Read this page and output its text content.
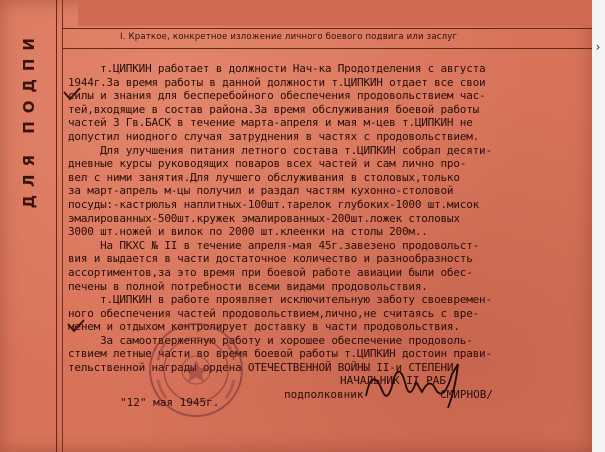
ДЛЯ ПОДПИ	I. Краткое, конкретное изложение личного боевого подвига или заслуг
т.ЦИПКИН работает в должности Нач-ка Продотделения с августа
1944г.За время работы в данной должности т.ЦИПКИН отдает все свои
силы и знания для бесперебойного обеспечения продовольствием час-
тей,входящие в состав района.За время обслуживания боевой работы
частей 3 Гв.БАСК в течение марта-апреля и мая м-цев т.ЦИПКИН не
допустил ниодного случая затруднения в частях с продовольствием.
Для улучшения питания летного состава т.ЦИПКИН собрал десяти-
дневные курсы руководящих поваров всех частей и сам лично про-
вел с ними занятия.Для лучшего обслуживания в столовых,только
за март-апрель м-цы получил и раздал частям кухонно-столовой
посуды:-кастрюлья наплитных-100шт.тарелок глубоких-1000 шт.мисок
эмалированных-500шт.кружек эмалированных-200шт.ложек столовых
3000 шт.ножей и вилок по 2000 шт.клеенки на столы 200м..
На ПКХС № II в течение апреля-мая 45г.завезено продовольст-
вия и выдается в части достаточное количество и разнообразность
ассортиментов,за это время при боевой работе авиации были обес-
печены в полной потребности всеми видами продовольствия.
т.ЦИПКИН в работе проявляет исключительную заботу своевремен-
ного обеспечения частей продовольствием,лично,не считаясь с вре-
менем и отдыхом контролирует доставку в части продовольствия.
За самоотверженную работу и хорошее обеспечение продоволь-
ствием летные части во время боевой работы т.ЦИПКИН достоин прави-
тельственной награды ордена ОТЕЧЕСТВЕННОЙ ВОЙНЫ II-и СТЕПЕНИ.
НАЧАЛЬНИК II РАБ
подполковник	СМИРНОВ/
"12" мая 1945г.
›
